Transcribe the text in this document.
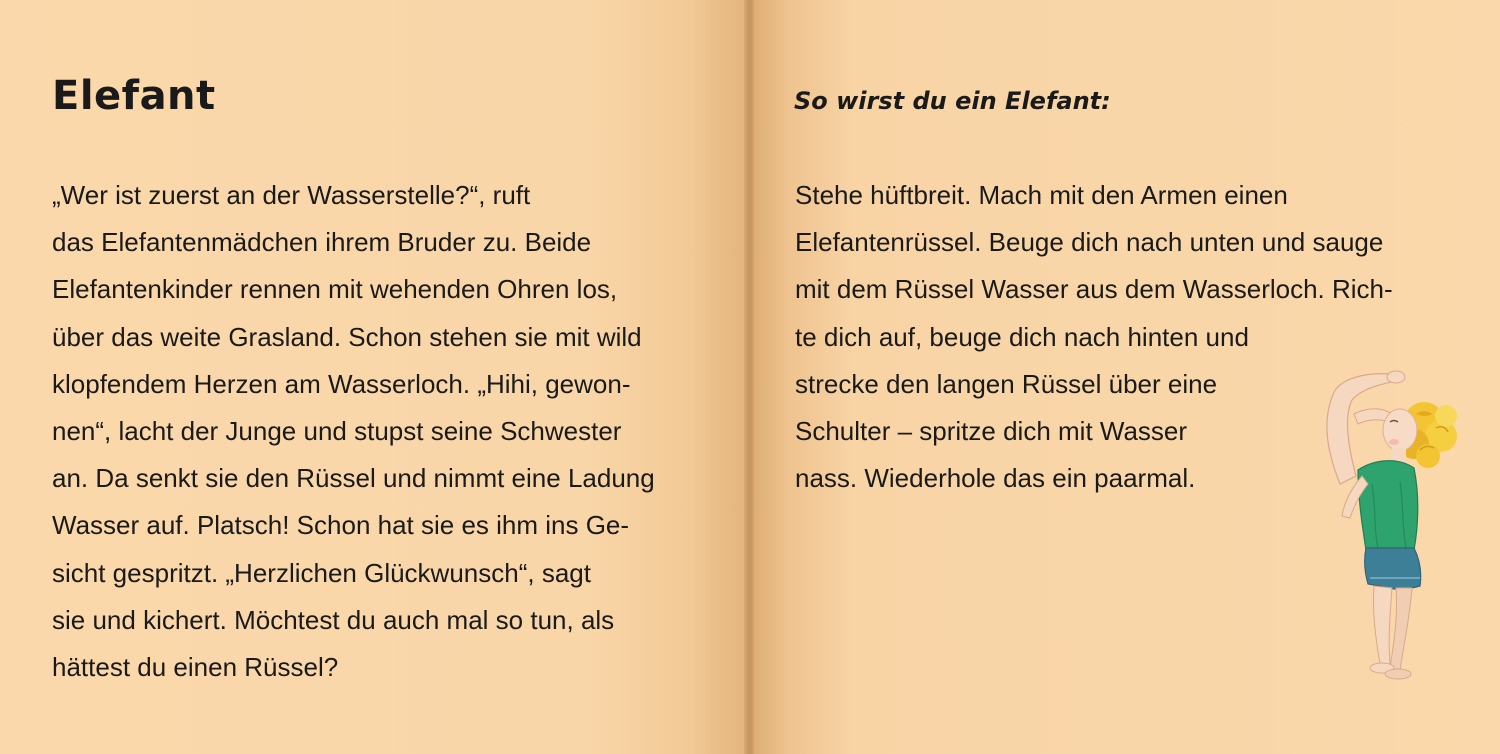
Elefant
„Wer ist zuerst an der Wasserstelle?“, ruft
das Elefantenmädchen ihrem Bruder zu. Beide
Elefantenkinder rennen mit wehenden Ohren los,
über das weite Grasland. Schon stehen sie mit wild
klopfendem Herzen am Wasserloch. „Hihi, gewon-
nen“, lacht der Junge und stupst seine Schwester
an. Da senkt sie den Rüssel und nimmt eine Ladung
Wasser auf. Platsch! Schon hat sie es ihm ins Ge-
sicht gespritzt. „Herzlichen Glückwunsch“, sagt
sie und kichert. Möchtest du auch mal so tun, als
hättest du einen Rüssel?
So wirst du ein Elefant:
Stehe hüftbreit. Mach mit den Armen einen
Elefantenrüssel. Beuge dich nach unten und sauge
mit dem Rüssel Wasser aus dem Wasserloch. Rich-
te dich auf, beuge dich nach hinten und
strecke den langen Rüssel über eine
Schulter – spritze dich mit Wasser
nass. Wiederhole das ein paarmal.
